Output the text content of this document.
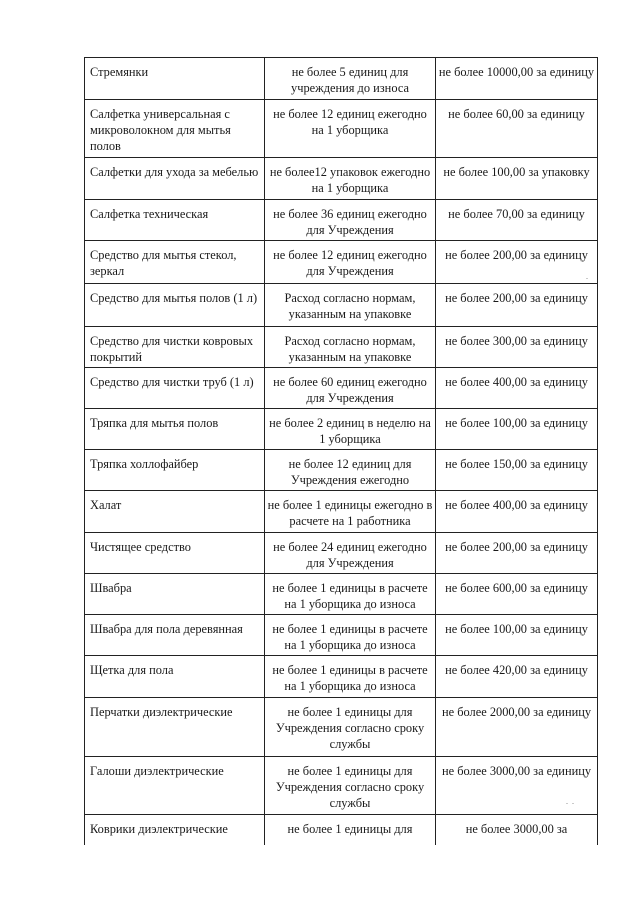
Стремянки	не более 5 единиц для учреждения до износа	не более 10000,00 за единицу
Салфетка универсальная с микроволокном для мытья полов	не более 12 единиц ежегодно на 1 уборщика	не более 60,00 за единицу
Салфетки для ухода за мебелью	не более12 упаковок ежегодно на 1 уборщика	не более 100,00 за упаковку
Салфетка техническая	не более 36 единиц ежегодно для Учреждения	не более 70,00 за единицу
Средство для мытья стекол, зеркал	не более 12 единиц ежегодно для Учреждения	не более 200,00 за единицу
Средство для мытья полов (1 л)	Расход согласно нормам, указанным на упаковке	не более 200,00 за единицу
Средство для чистки ковровых покрытий	Расход согласно нормам, указанным на упаковке	не более 300,00 за единицу
Средство для чистки труб (1 л)	не более 60 единиц ежегодно для Учреждения	не более 400,00 за единицу
Тряпка для мытья полов	не более 2 единиц в неделю на 1 уборщика	не более 100,00 за единицу
Тряпка холлофайбер	не более 12 единиц для Учреждения ежегодно	не более 150,00 за единицу
Халат	не более 1 единицы ежегодно в расчете на 1 работника	не более 400,00 за единицу
Чистящее средство	не более 24 единиц ежегодно для Учреждения	не более 200,00 за единицу
Швабра	не более 1 единицы в расчете на 1 уборщика до износа	не более 600,00 за единицу
Швабра для пола деревянная	не более 1 единицы в расчете на 1 уборщика до износа	не более 100,00 за единицу
Щетка для пола	не более 1 единицы в расчете на 1 уборщика до износа	не более 420,00 за единицу
Перчатки диэлектрические	не более 1 единицы для Учреждения согласно сроку службы	не более 2000,00 за единицу
Галоши диэлектрические	не более 1 единицы для Учреждения согласно сроку службы	не более 3000,00 за единицу
Коврики диэлектрические	не более 1 единицы для	не более 3000,00 за
.
.  .
